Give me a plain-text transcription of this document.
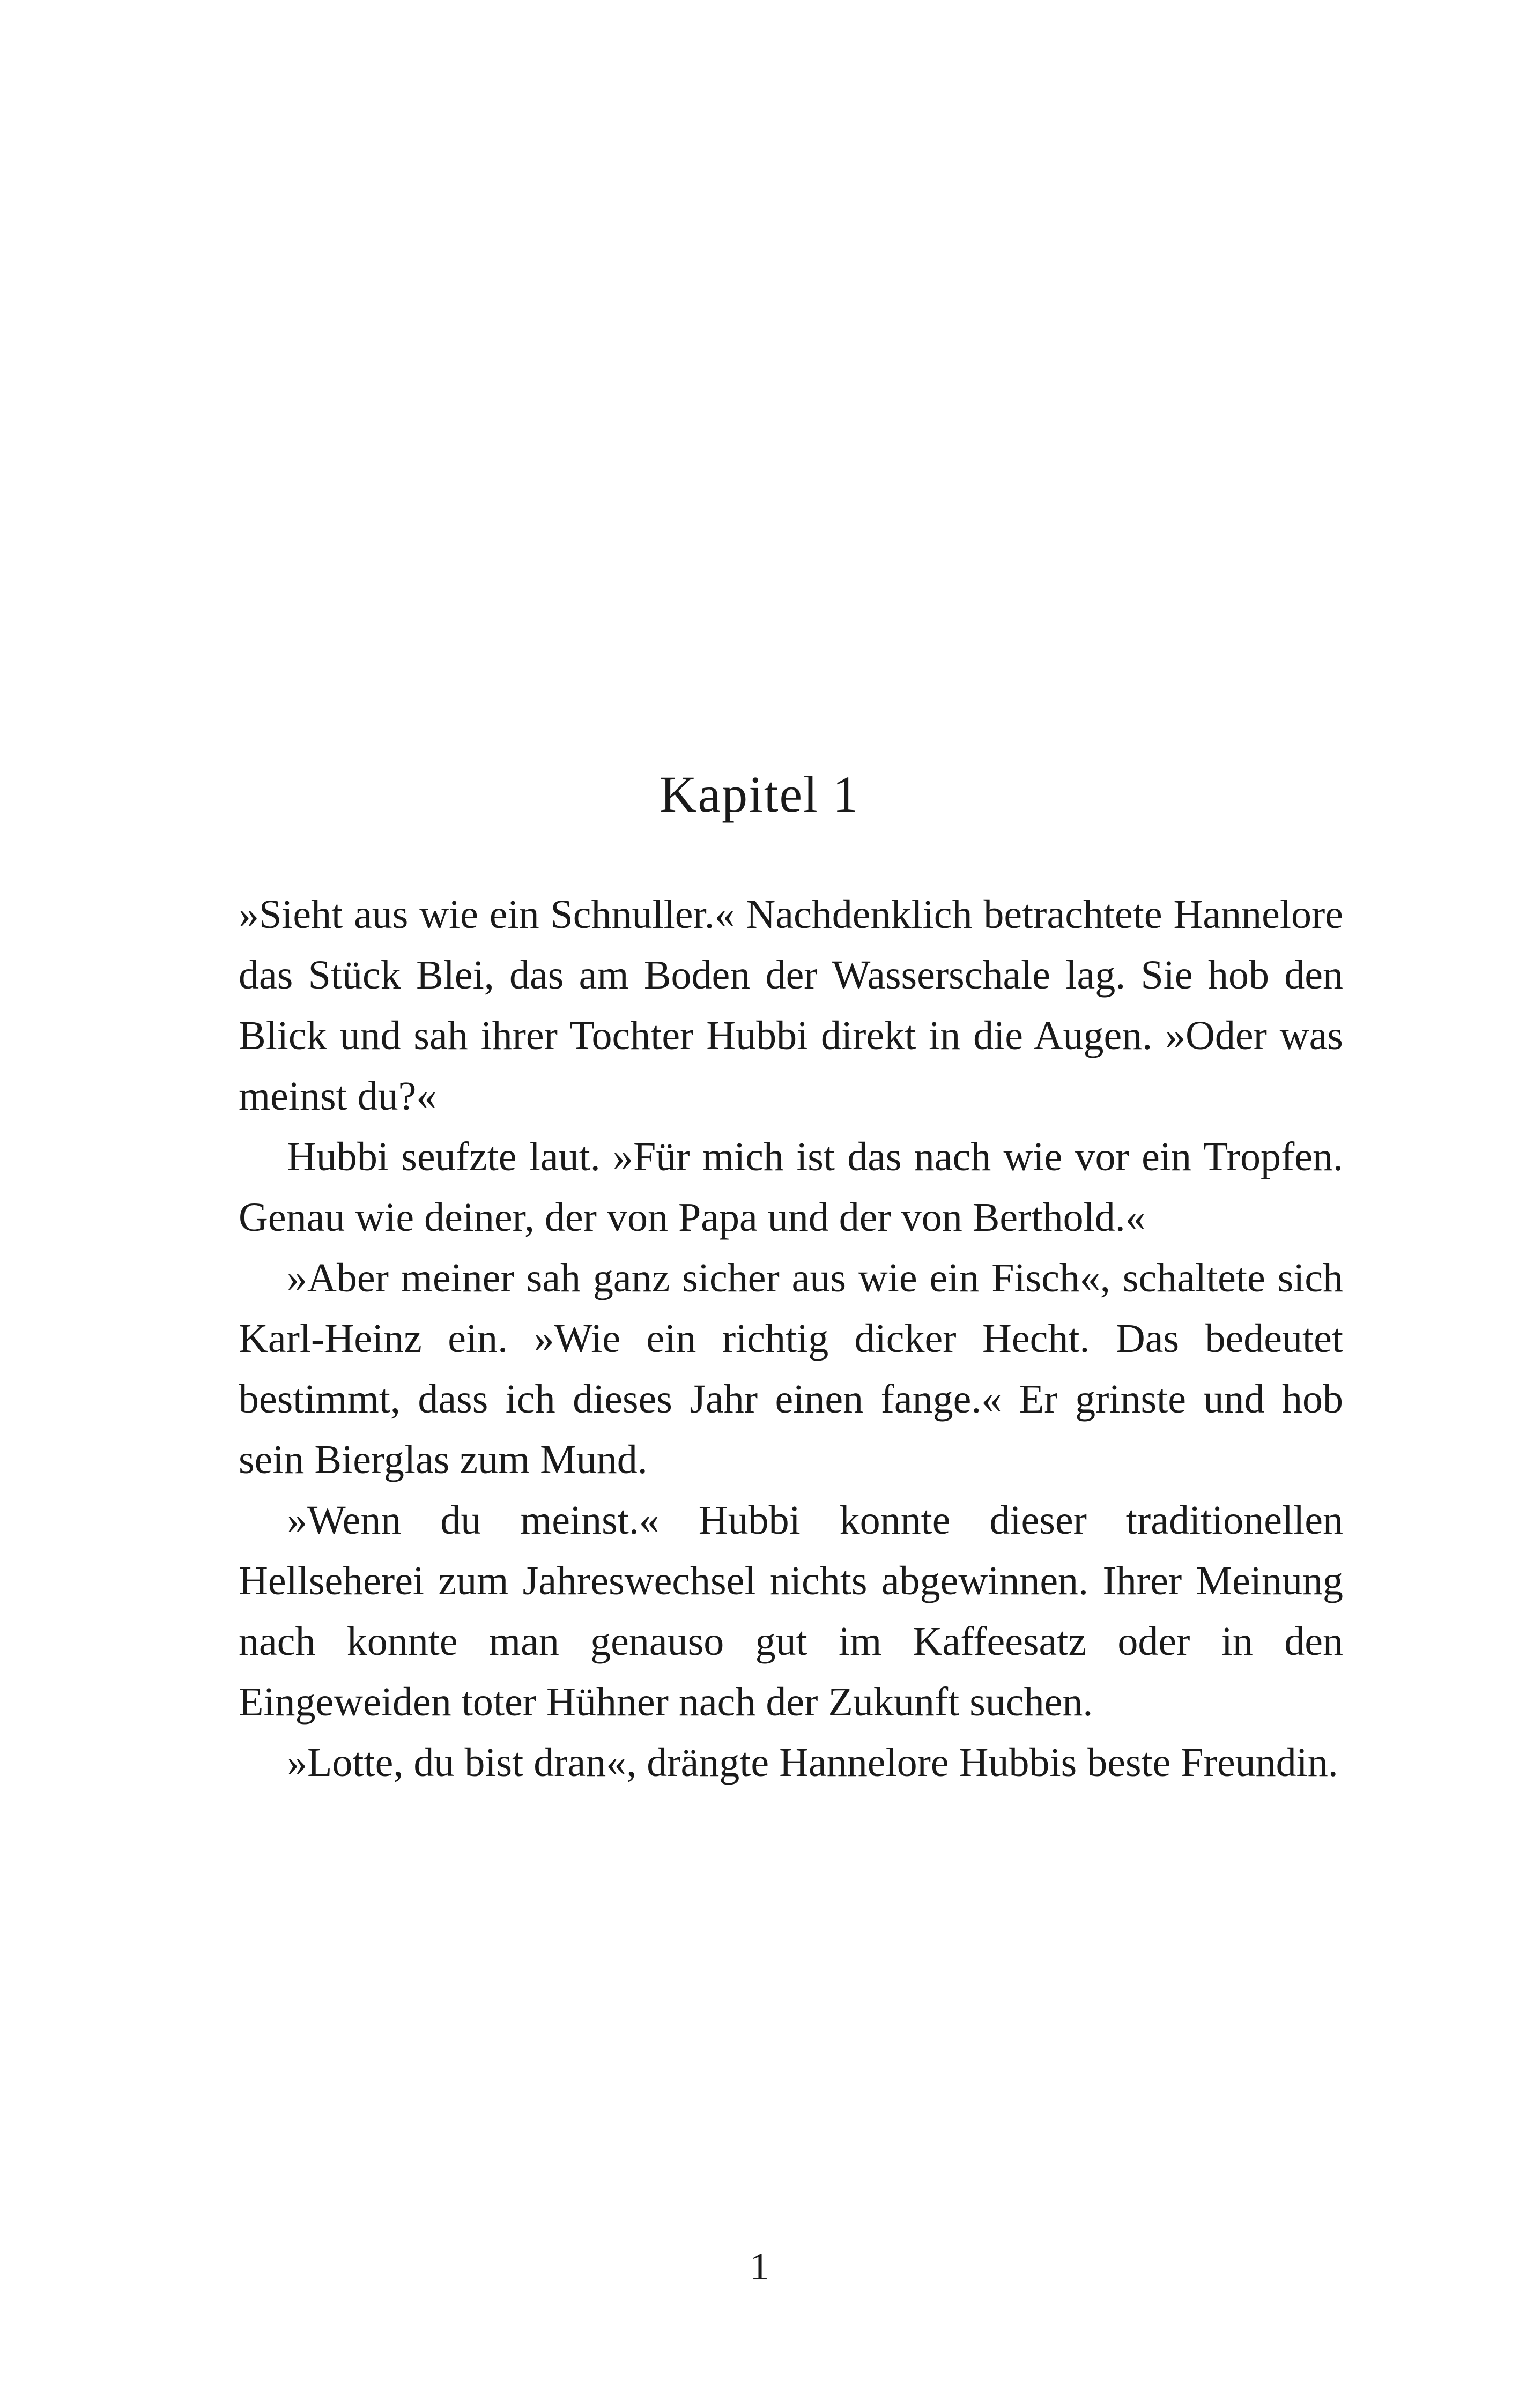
Kapitel 1

»Sieht aus wie ein Schnuller.« Nachdenklich betrachtete Hannelore das Stück Blei, das am Boden der Wasserschale lag. Sie hob den Blick und sah ihrer Tochter Hubbi direkt in die Augen. »Oder was meinst du?«

Hubbi seufzte laut. »Für mich ist das nach wie vor ein Tropfen. Genau wie deiner, der von Papa und der von Berthold.«

»Aber meiner sah ganz sicher aus wie ein Fisch«, schaltete sich Karl-Heinz ein. »Wie ein richtig dicker Hecht. Das bedeutet bestimmt, dass ich dieses Jahr einen fange.« Er grinste und hob sein Bierglas zum Mund.

»Wenn du meinst.« Hubbi konnte dieser traditionellen Hellseherei zum Jahreswechsel nichts abgewinnen. Ihrer Meinung nach konnte man genauso gut im Kaffeesatz oder in den Eingeweiden toter Hühner nach der Zukunft suchen.

»Lotte, du bist dran«, drängte Hannelore Hubbis beste Freundin.

1
